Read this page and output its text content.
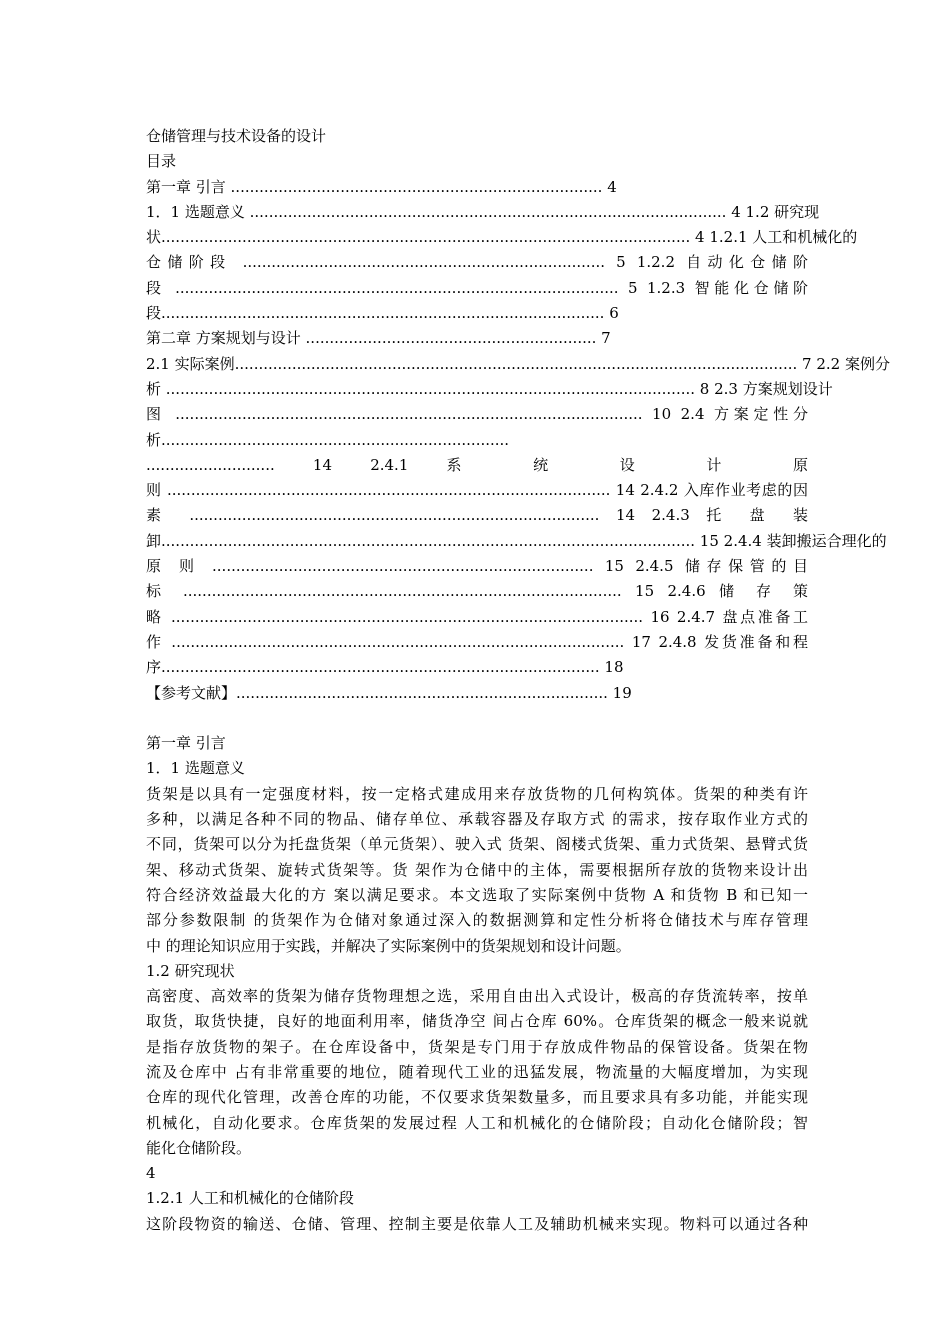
仓储管理与技术设备的设计
目录
第一章 引言 .............................................................................. 4
1．1 选题意义 .................................................................................................... 4 1.2 研究现
状............................................................................................................... 4 1.2.1 人工和机械化的
仓储阶段 ............................................................................ 5 1.2.2 自动化仓储阶
段 ............................................................................................. 5 1.2.3 智能化仓储阶
段............................................................................................. 6
第二章 方案规划与设计 ............................................................. 7
2.1 实际案例...................................................................................................................... 7 2.2 案例分
析 ............................................................................................................... 8 2.3 方案规划设计
图 .................................................................................................. 10 2.4 方案定性分
析.........................................................................
........................... 14 2.4.1 系 统 设 计 原
则 ............................................................................................. 14 2.4.2 入库作业考虑的因
素 ...................................................................................... 14 2.4.3 托 盘 装
卸................................................................................................................ 15 2.4.4 装卸搬运合理化的
原 则 ................................................................................ 15 2.4.5 储存保管的目
标 ............................................................................................ 15 2.4.6 储 存 策
略 ................................................................................................... 16 2.4.7 盘点准备工
作 ............................................................................................... 17 2.4.8 发货准备和程
序............................................................................................ 18
【参考文献】.............................................................................. 19
第一章 引言
1．1 选题意义
货架是以具有一定强度材料，按一定格式建成用来存放货物的几何构筑体。货架的种类有许
多种，以满足各种不同的物品、储存单位、承载容器及存取方式 的需求，按存取作业方式的
不同，货架可以分为托盘货架（单元货架）、驶入式 货架、阁楼式货架、重力式货架、悬臂式货
架、移动式货架、旋转式货架等。货 架作为仓储中的主体，需要根据所存放的货物来设计出
符合经济效益最大化的方 案以满足要求。本文选取了实际案例中货物 A 和货物 B 和已知一
部分参数限制 的货架作为仓储对象通过深入的数据测算和定性分析将仓储技术与库存管理
中 的理论知识应用于实践，并解决了实际案例中的货架规划和设计问题。
1.2 研究现状
高密度、高效率的货架为储存货物理想之选，采用自由出入式设计，极高的存货流转率，按单
取货，取货快捷，良好的地面利用率，储货净空 间占仓库 60%。仓库货架的概念一般来说就
是指存放货物的架子。在仓库设备中，货架是专门用于存放成件物品的保管设备。货架在物
流及仓库中 占有非常重要的地位，随着现代工业的迅猛发展，物流量的大幅度增加，为实现
仓库的现代化管理，改善仓库的功能，不仅要求货架数量多，而且要求具有多功能，并能实现
机械化，自动化要求。仓库货架的发展过程 人工和机械化的仓储阶段；自动化仓储阶段；智
能化仓储阶段。
4
1.2.1 人工和机械化的仓储阶段
这阶段物资的输送、仓储、管理、控制主要是依靠人工及辅助机械来实现。物料可以通过各种
